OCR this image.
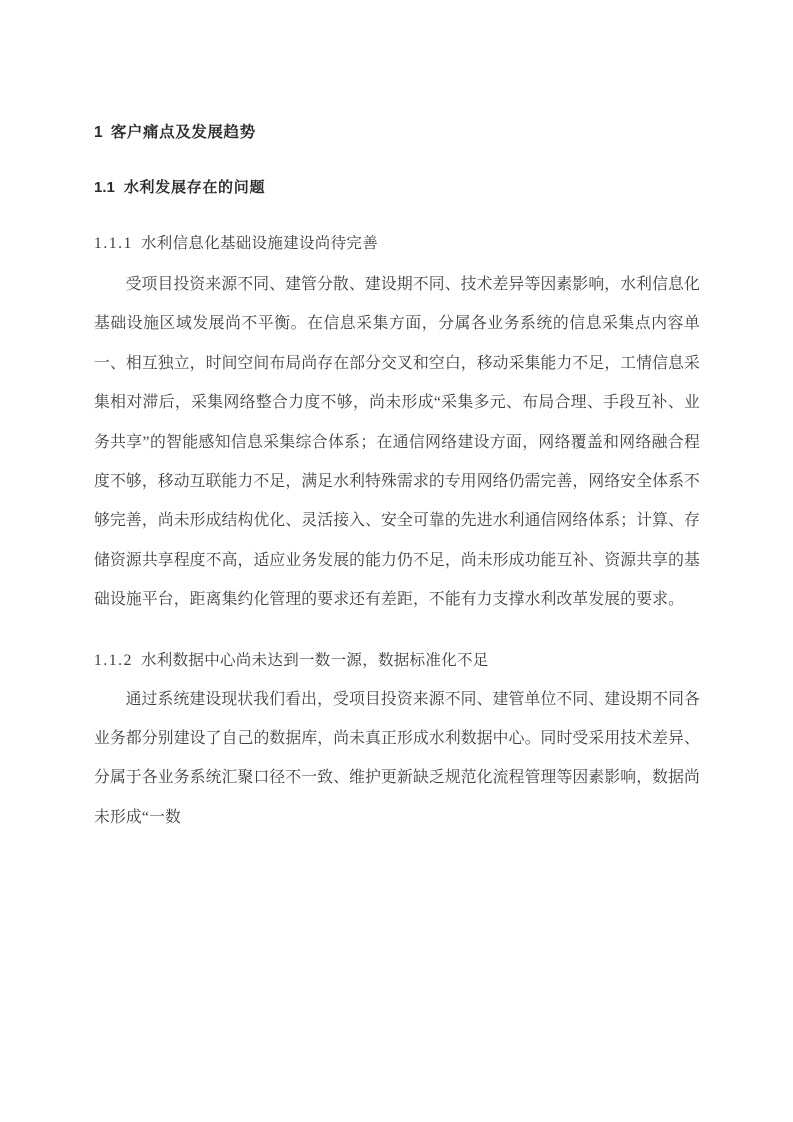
1 客户痛点及发展趋势
1.1 水利发展存在的问题
1.1.1 水利信息化基础设施建设尚待完善

受项目投资来源不同、建管分散、建设期不同、技术差异等因素影响，水利信息化基础设施区域发展尚不平衡。在信息采集方面，分属各业务系统的信息采集点内容单一、相互独立，时间空间布局尚存在部分交叉和空白，移动采集能力不足，工情信息采集相对滞后，采集网络整合力度不够，尚未形成“采集多元、布局合理、手段互补、业务共享”的智能感知信息采集综合体系；在通信网络建设方面，网络覆盖和网络融合程度不够，移动互联能力不足，满足水利特殊需求的专用网络仍需完善，网络安全体系不够完善，尚未形成结构优化、灵活接入、安全可靠的先进水利通信网络体系；计算、存储资源共享程度不高，适应业务发展的能力仍不足，尚未形成功能互补、资源共享的基础设施平台，距离集约化管理的要求还有差距，不能有力支撑水利改革发展的要求。

1.1.2 水利数据中心尚未达到一数一源，数据标准化不足

通过系统建设现状我们看出，受项目投资来源不同、建管单位不同、建设期不同各业务都分别建设了自己的数据库，尚未真正形成水利数据中心。同时受采用技术差异、分属于各业务系统汇聚口径不一致、维护更新缺乏规范化流程管理等因素影响，数据尚未形成“一数
